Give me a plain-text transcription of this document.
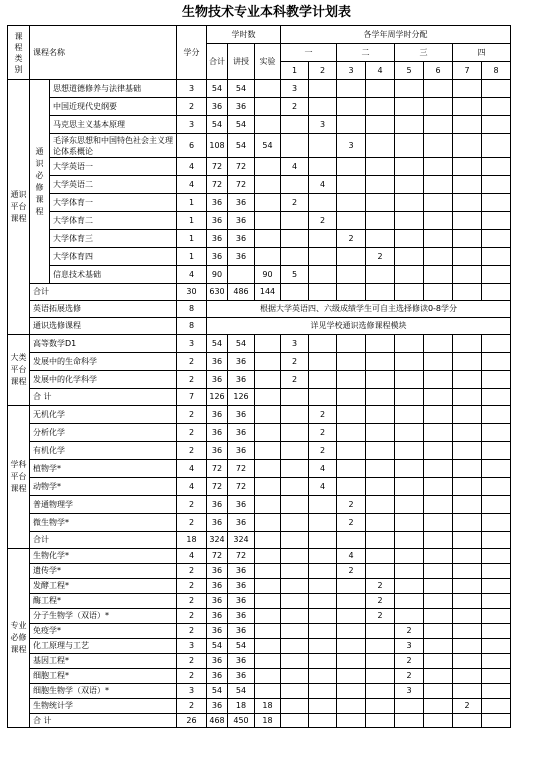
生物技术专业本科教学计划表
课程类别	课程名称		学分	学时数			各学年周学时分配							
				合计	讲授	实验	一		二		三		四	
							1	2	3	4	5	6	7	8
通识平台课程	通识必修课程	思想道德修养与法律基础	3	54	54		3							
		中国近现代史纲要	2	36	36		2							
		马克思主义基本原理	3	54	54			3						
		毛泽东思想和中国特色社会主义理论体系概论	6	108	54	54			3					
		大学英语一	4	72	72		4							
		大学英语二	4	72	72			4						
		大学体育一	1	36	36		2							
		大学体育二	1	36	36			2						
		大学体育三	1	36	36				2					
		大学体育四	1	36	36					2				
		信息技术基础	4	90		90	5							
	合计		30	630	486	144								
	英语拓展选修		8	根据大学英语四、六级成绩学生可自主选择修读0-8学分										
	通识选修课程		8	详见学校通识选修课程模块										
大类平台课程	高等数学D1		3	54	54		3							
	发展中的生命科学		2	36	36		2							
	发展中的化学科学		2	36	36		2							
	合 计		7	126	126									
学科平台课程	无机化学		2	36	36			2						
	分析化学		2	36	36			2						
	有机化学		2	36	36			2						
	植物学*		4	72	72			4						
	动物学*		4	72	72			4						
	普通物理学		2	36	36				2					
	微生物学*		2	36	36				2					
	合计		18	324	324									
专业必修课程	生物化学*		4	72	72				4					
	遗传学*		2	36	36				2					
	发酵工程*		2	36	36					2				
	酶工程*		2	36	36					2				
	分子生物学（双语）*		2	36	36					2				
	免疫学*		2	36	36						2			
	化工原理与工艺		3	54	54						3			
	基因工程*		2	36	36						2			
	细胞工程*		2	36	36						2			
	细胞生物学（双语）*		3	54	54						3			
	生物统计学		2	36	18	18							2	
	合 计		26	468	450	18								
